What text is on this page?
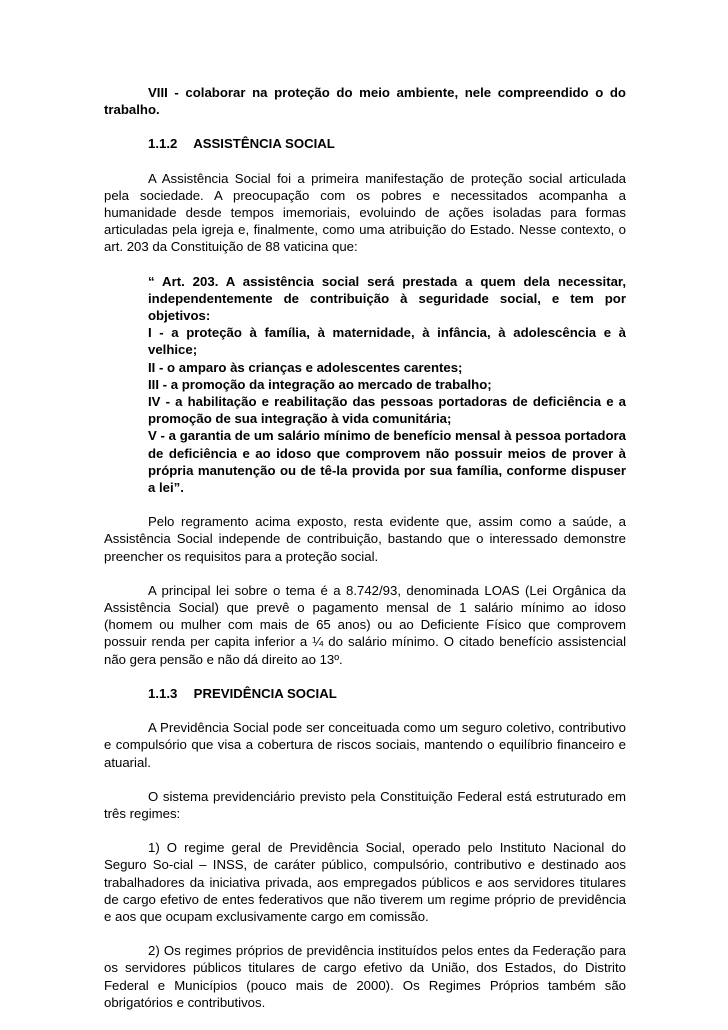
VIII - colaborar na proteção do meio ambiente, nele compreendido o do trabalho.

1.1.2 ASSISTÊNCIA SOCIAL

A Assistência Social foi a primeira manifestação de proteção social articulada pela sociedade. A preocupação com os pobres e necessitados acompanha a humanidade desde tempos imemoriais, evoluindo de ações isoladas para formas articuladas pela igreja e, finalmente, como uma atribuição do Estado. Nesse contexto, o art. 203 da Constituição de 88 vaticina que:

“ Art. 203. A assistência social será prestada a quem dela necessitar, independentemente de contribuição à seguridade social, e tem por objetivos:

I - a proteção à família, à maternidade, à infância, à adolescência e à velhice;

II - o amparo às crianças e adolescentes carentes;

III - a promoção da integração ao mercado de trabalho;

IV - a habilitação e reabilitação das pessoas portadoras de deficiência e a promoção de sua integração à vida comunitária;

V - a garantia de um salário mínimo de benefício mensal à pessoa portadora de deficiência e ao idoso que comprovem não possuir meios de prover à própria manutenção ou de tê-la provida por sua família, conforme dispuser a lei”.

Pelo regramento acima exposto, resta evidente que, assim como a saúde, a Assistência Social independe de contribuição, bastando que o interessado demonstre preencher os requisitos para a proteção social.

A principal lei sobre o tema é a 8.742/93, denominada LOAS (Lei Orgânica da Assistência Social) que prevê o pagamento mensal de 1 salário mínimo ao idoso (homem ou mulher com mais de 65 anos) ou ao Deficiente Físico que comprovem possuir renda per capita inferior a ¼ do salário mínimo. O citado benefício assistencial não gera pensão e não dá direito ao 13º.

1.1.3 PREVIDÊNCIA SOCIAL

A Previdência Social pode ser conceituada como um seguro coletivo, contributivo e compulsório que visa a cobertura de riscos sociais, mantendo o equilíbrio financeiro e atuarial.

O sistema previdenciário previsto pela Constituição Federal está estruturado em três regimes:

1) O regime geral de Previdência Social, operado pelo Instituto Nacional do Seguro So-cial – INSS, de caráter público, compulsório, contributivo e destinado aos trabalhadores da iniciativa privada, aos empregados públicos e aos servidores titulares de cargo efetivo de entes federativos que não tiverem um regime próprio de previdência e aos que ocupam exclusivamente cargo em comissão.

2) Os regimes próprios de previdência instituídos pelos entes da Federação para os servidores públicos titulares de cargo efetivo da União, dos Estados, do Distrito Federal e Municípios (pouco mais de 2000). Os Regimes Próprios também são obrigatórios e contributivos.
